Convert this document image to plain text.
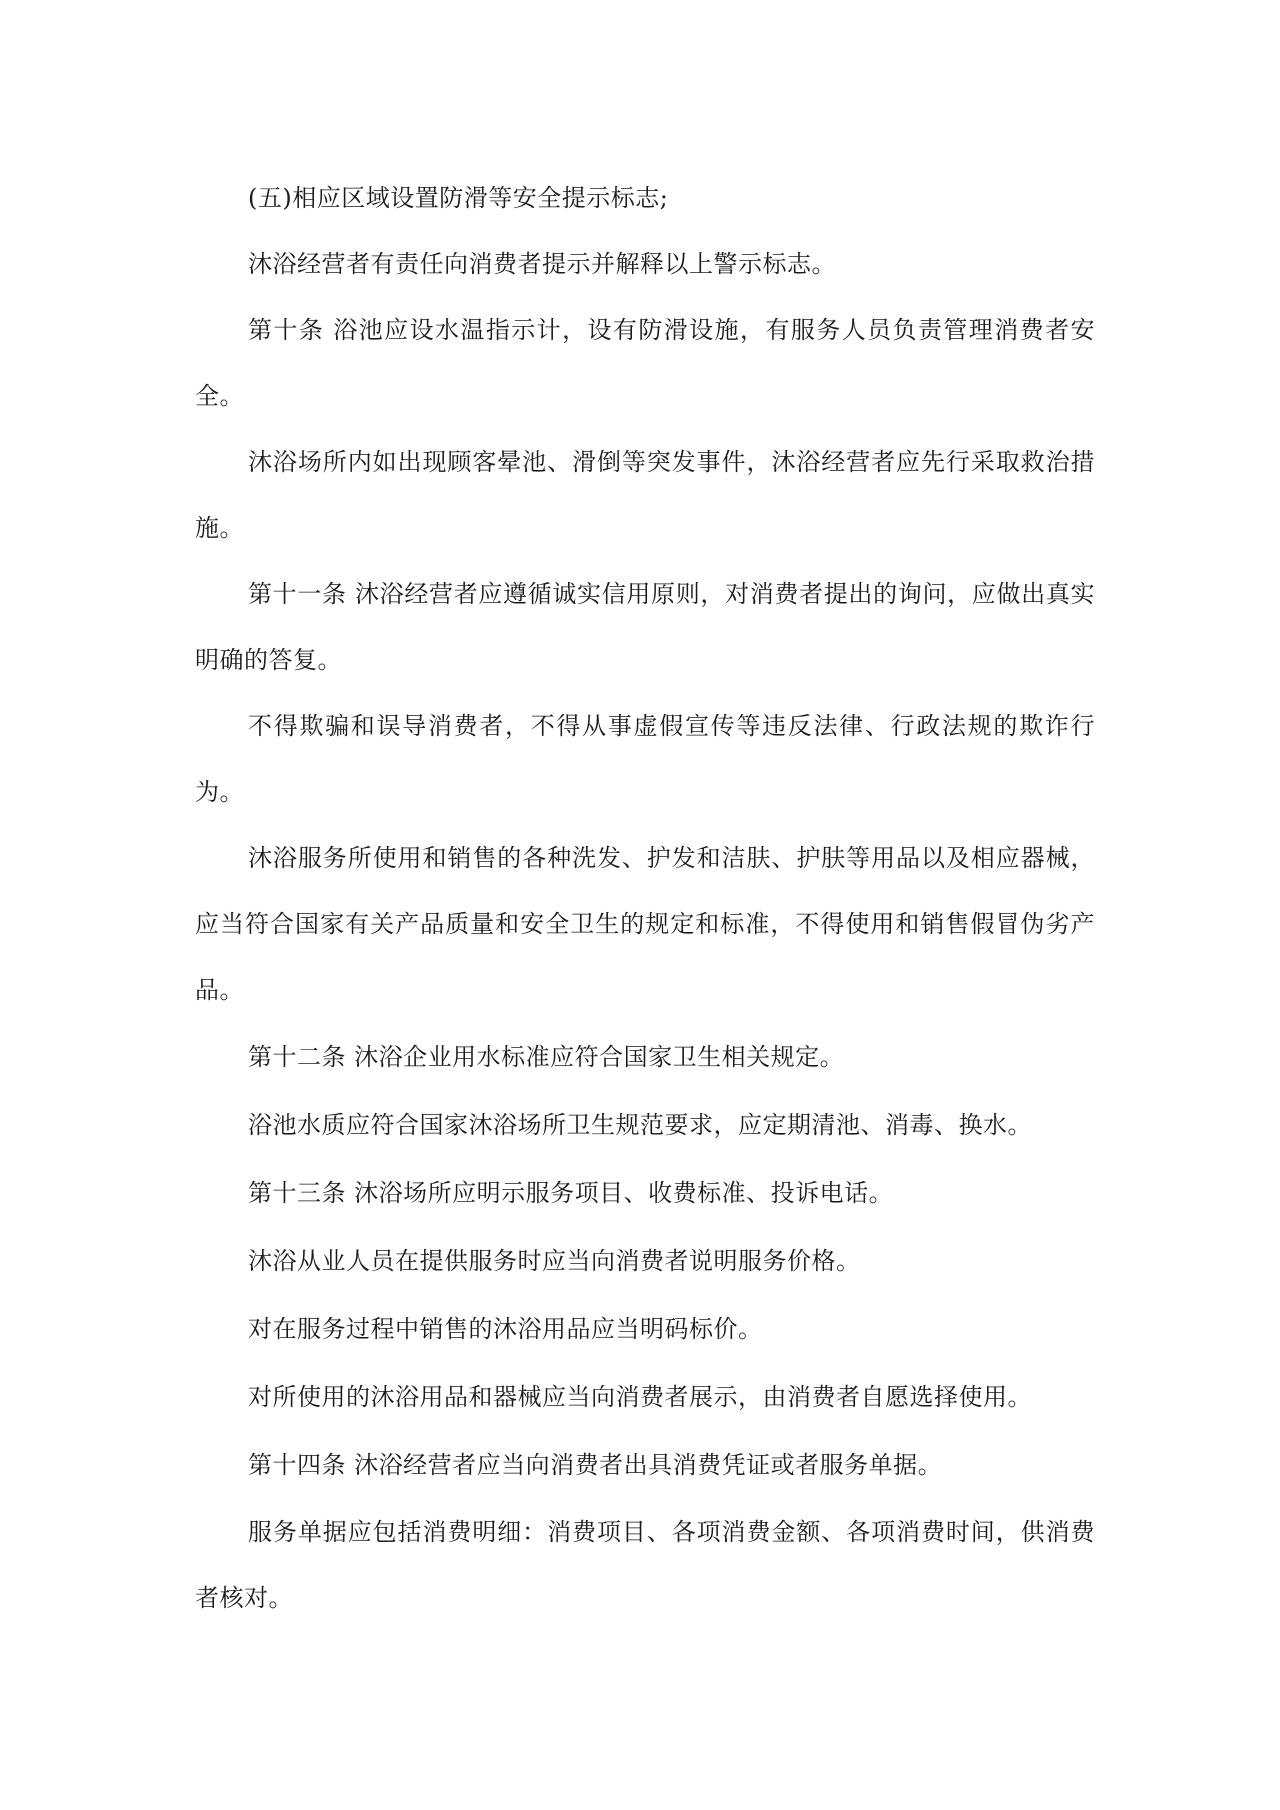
(五)相应区域设置防滑等安全提示标志;

沐浴经营者有责任向消费者提示并解释以上警示标志。

第十条 浴池应设水温指示计，设有防滑设施，有服务人员负责管理消费者安全。

沐浴场所内如出现顾客晕池、滑倒等突发事件，沐浴经营者应先行采取救治措施。

第十一条 沐浴经营者应遵循诚实信用原则，对消费者提出的询问，应做出真实明确的答复。

不得欺骗和误导消费者，不得从事虚假宣传等违反法律、行政法规的欺诈行为。

沐浴服务所使用和销售的各种洗发、护发和洁肤、护肤等用品以及相应器械，应当符合国家有关产品质量和安全卫生的规定和标准，不得使用和销售假冒伪劣产品。

第十二条 沐浴企业用水标准应符合国家卫生相关规定。

浴池水质应符合国家沐浴场所卫生规范要求，应定期清池、消毒、换水。

第十三条 沐浴场所应明示服务项目、收费标准、投诉电话。

沐浴从业人员在提供服务时应当向消费者说明服务价格。

对在服务过程中销售的沐浴用品应当明码标价。

对所使用的沐浴用品和器械应当向消费者展示，由消费者自愿选择使用。

第十四条 沐浴经营者应当向消费者出具消费凭证或者服务单据。

服务单据应包括消费明细：消费项目、各项消费金额、各项消费时间，供消费者核对。
